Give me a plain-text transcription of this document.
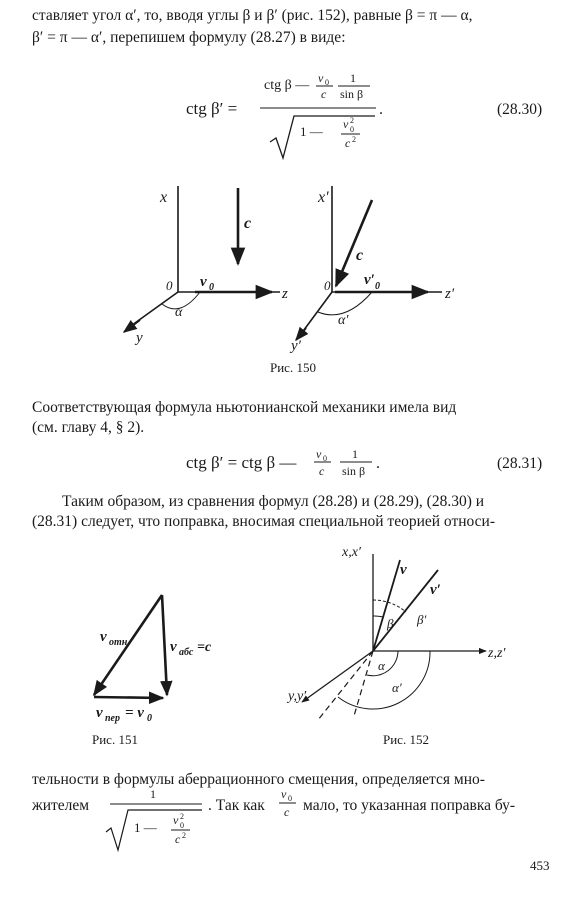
ставляет угол α′, то, вводя углы β и β′ (рис. 152), равные β = π — α,
β′ = π — α′, перепишем формулу (28.27) в виде:
ctg β′ =
ctg β — v 0
c
1
sin β
1 — v 2
0
c 2
.	(28.30)
x
c
0 v 0	z
y
α
x′
c
0 v′ 0	z′
y′
α′
Рис. 150
Соответствующая формула ньютонианской механики имела вид
(см. главу 4, § 2).
ctg β′ = ctg β — v 0
c
1
sin β .	(28.31)
Таким образом, из сравнения формул (28.28) и (28.29), (28.30) и
(28.31) следует, что поправка, вносимая специальной теорией относи-
v отн	v абс =c
v пер = v 0
Рис. 151
x,x′
v
v′
β β′
z,z′
y,y′
α
α′
Рис. 152
тельности в формулы аберрационного смещения, определяется мно-
жителем
1
1 — v 2
0
c 2
. Так как
v 0
c мало, то указанная поправка бу-
453
